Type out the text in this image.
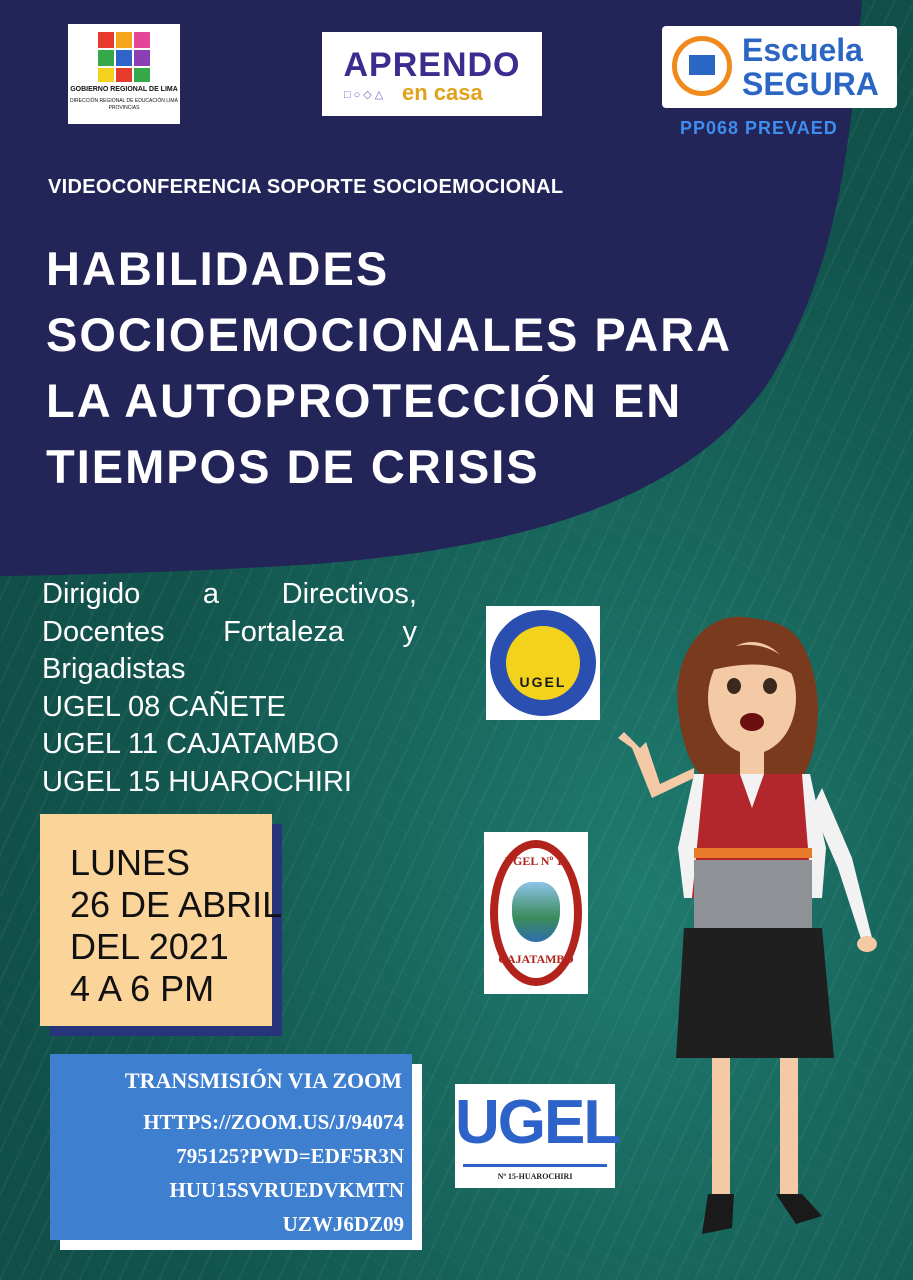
GOBIERNO REGIONAL DE LIMA
DIRECCIÓN REGIONAL DE EDUCACIÓN LIMA PROVINCIAS
APRENDO
□○◇△ en casa
Escuela
SEGURA
PP068 PREVAED
VIDEOCONFERENCIA SOPORTE SOCIOEMOCIONAL
HABILIDADES
SOCIOEMOCIONALES PARA
LA AUTOPROTECCIÓN EN
TIEMPOS DE CRISIS
Dirigido a Directivos,
Docentes Fortaleza y
Brigadistas
UGEL 08 CAÑETE
UGEL 11 CAJATAMBO
UGEL 15 HUAROCHIRI
LUNES
26 DE ABRIL
DEL 2021
4 A 6 PM
TRANSMISIÓN VIA ZOOM
HTTPS://ZOOM.US/J/94074
795125?PWD=EDF5R3N
HUU15SVRUEDVKMTN
UZWJ6DZ09
UGEL
UGEL Nº 11
CAJATAMBO
UGEL
Nº 15-HUAROCHIRI
